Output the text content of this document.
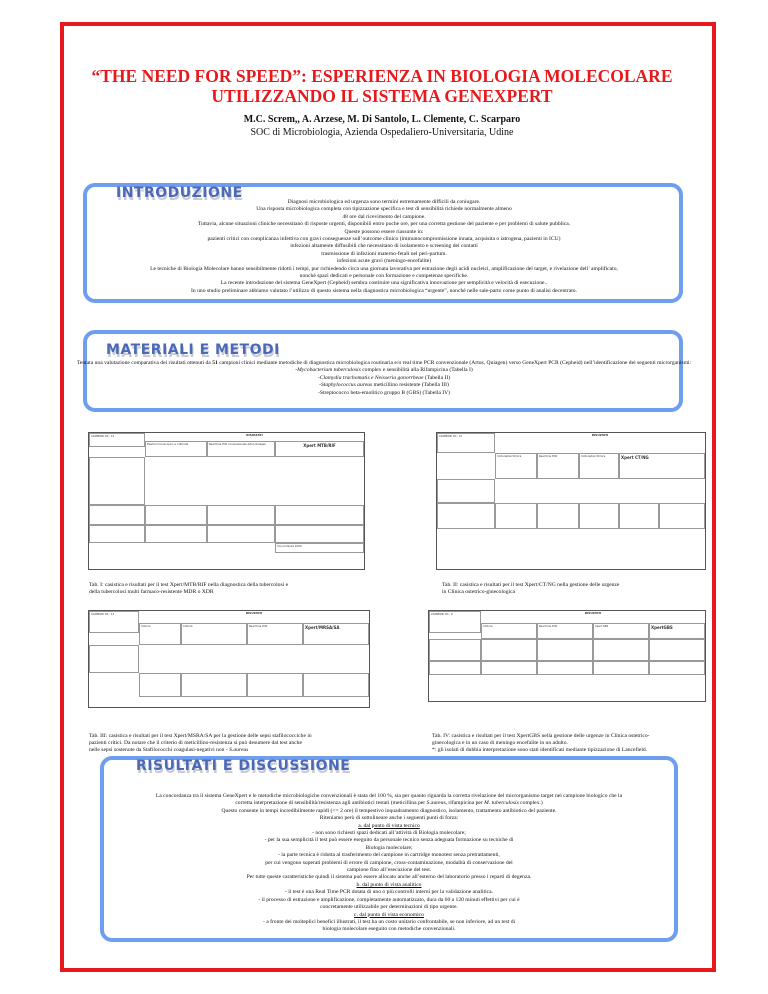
“THE NEED FOR SPEED”: ESPERIENZA IN BIOLOGIA MOLECOLARE
UTILIZZANDO IL SISTEMA GENEXPERT
M.C. Screm,, A. Arzese, M. Di Santolo, L. Clemente, C. Scarparo
SOC di Microbiologia, Azienda Ospedaliero-Universitaria, Udine
INTRODUZIONE
Diagnosi microbiologica ed urgenza sono termini estremamente difficili da coniugare.
Una risposta microbiologica completa con tipizzazione specifica e test di sensibilità richiede normalmente almeno
48 ore dal ricevimento del campione.
Tuttavia, alcune situazioni cliniche necessitano di risposte urgenti, disponibili entro poche ore, per una corretta gestione del paziente e per problemi di salute pubblica.
Queste possono essere riassunte in:
pazienti critici con complicanza infettiva con gravi conseguenze sull’outcome clinico (immunocompromissione innata, acquisita o iatrogena, pazienti in ICU)
infezioni altamente diffusibili che necessitano di isolamento e screening dei contatti
trasmissione di infezioni materno-fetali nel peri-partum.
infezioni acute gravi (meningo-encefalite)
Le tecniche di Biologia Molecolare hanno sensibilmente ridotti i tempi, pur richiedendo circa una giornata lavorativa per estrazione degli acidi nucleici, amplificazione del target, e rivelazione dell’ amplificato,
nonchè spazi dedicati e personale con formazione e competenze specifiche.
La recente introduzione del sistema GeneXpert (Cepheid) sembra costituire una significativa innovazione per semplicità e velocità di esecuzione..
In uno studio preliminare abbiamo valutato l’utilizzo di questo sistema nella diagnostica microbiologica “urgente”, nonchè nelle sale-parto come punto di analisi decentrato.
MATERIALI E METODI
Tentata una valutazione comparativa dei risultati ottenuti da 51 campioni clinici mediante metodiche di diagnostica microbiologica routinaria e/o real time PCR convenzionale (Artus, Quiagen) verso GeneXpert PCR (Cepheid) nell’identificazione dei seguenti microrganismi:
-Mycobacterium tuberculosis complex e sensibilità alla Rifampicina (Tabella I)
-Clamydia trachomatis e Neisseria gonorrheae (Tabella II)
-Staphylococcus aureus meticillino resistente (Tabella III)
-Streptococco beta-emolitico gruppo B (GBS) (Tabella IV)
CAMPIONI tot.: 14	RISULTATI
Esame microscopico e colturale	Real time PCR convenzionale Artus Quiagen	Xpert MTB/RIF
Concordanza 100%
Tab. I: casistica e risultati per il test Xpert/MTB/RIF nella diagnostica della tubercolosi e
della tubercolosi multi farmaco-resistente MDR o XDR
CAMPIONI tot.: 15	RISULTATI
Coltura/biochimica	Real time PCR	Coltura/biochimica	Xpert CT/NG
Tab. II: casistica e risultati per il test Xpert/CT/NG nella gestione delle urgenze
in Clinica ostetrico-ginecologica
CAMPIONI tot.: 13	RISULTATI
Coltura	Coltura	Real time PCR	Xpert/MRSA/SA
Tab. III: casistica e risultati per il test Xpert/MSRA/SA per la gestione delle sepsi stafilococciche in
pazienti critici. Da notare che il criterio di meticillino-resistenza si può desumere dal test anche
nelle sepsi sostenute da Stafilococchi coagulasi-negativi non - S.aureus
CAMPIONI tot.: 9	RISULTATI
Coltura	Real time PCR	Xpert GBS	XpertGBS
Tab. IV: casistica e risultati per il test XpertGBS nella gestione delle urgenze in Clinica ostetrico-
ginecologica e in un caso di meningo encefalite in un adulto.
*: gli isolati di dubbia interpretazione sono stati identificati mediante tipizzazione di Lancefield.
RISULTATI E DISCUSSIONE
La concordanza tra il sistema GeneXpert e le metodiche microbiologiche convenzionali è stata del 100 %, sia per quanto riguarda la corretta rivelazione del microrganismo target nel campione biologico che la
corretta interpretazione di sensibilità/resistenza agli antibiotici testati (meticillina per S.aureus, rifampicina per M. tuberculosis complex.)
Questo consente in tempi incredibilmente rapidi (<= 2 ore) il tempestivo inquadramento diagnostico, isolamento, trattamento antibiotico del paziente.
Riteniamo però di sottolineare anche i seguenti punti di forza:
a. dal punto di vista tecnico
- non sono richiesti spazi dedicati all’attività di Biologia molecolare;
- per la sua semplicità il test può essere eseguito da personale tecnico senza adeguata formazione su tecniche di
Biologia molecolare;
- la parte tecnica è ridotta al trasferimento del campione in cartridge monotest senza pretrattamenti,
per cui vengono superati problemi di errore di campione, cross-contaminazione, modalità di conservazione del
campione fino all’esecuzione del test.
Per tutte queste caratteristiche quindi il sistema può essere allocato anche all’esterno del laboratorio presso i reparti di degenza.
b. dal punto di vista analitico
- il test è una Real Time PCR dotata di uno o più controlli interni per la validazione analitica.
- il processo di estrazione e amplificazione, completamente automatizzato, dura da 60 a 120 minuti effettivi per cui è
concretamente utilizzabile per determinazioni di tipo urgente.
c. dal punto di vista economico
- a fronte dei molteplici benefici illustrati, il test ha un costo unitario confrontabile, se non inferiore, ad un test di
biologia molecolare eseguito con metodiche convenzionali.
